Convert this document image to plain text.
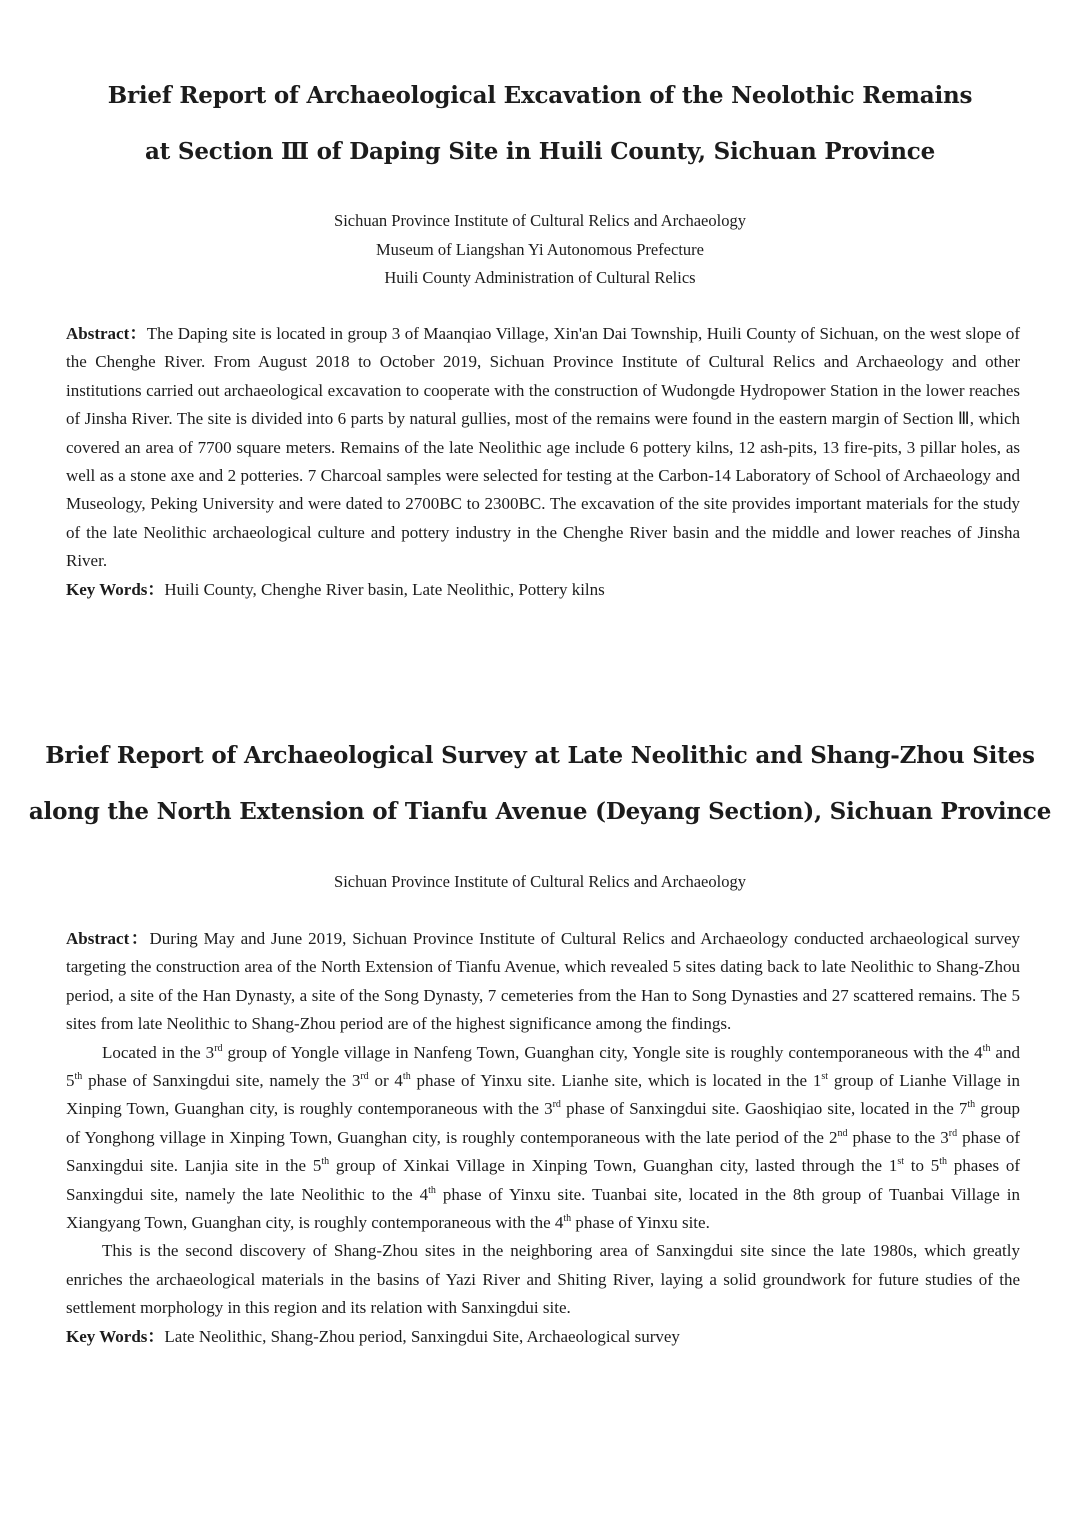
Brief Report of Archaeological Excavation of the Neolothic Remains
at Section Ⅲ of Daping Site in Huili County, Sichuan Province
Sichuan Province Institute of Cultural Relics and Archaeology
Museum of Liangshan Yi Autonomous Prefecture
Huili County Administration of Cultural Relics

Abstract：The Daping site is located in group 3 of Maanqiao Village, Xin'an Dai Township, Huili County of Sichuan, on the west slope of the Chenghe River. From August 2018 to October 2019, Sichuan Province Institute of Cultural Relics and Archaeology and other institutions carried out archaeological excavation to cooperate with the construction of Wudongde Hydropower Station in the lower reaches of Jinsha River. The site is divided into 6 parts by natural gullies, most of the remains were found in the eastern margin of Section Ⅲ, which covered an area of 7700 square meters. Remains of the late Neolithic age include 6 pottery kilns, 12 ash-pits, 13 fire-pits, 3 pillar holes, as well as a stone axe and 2 potteries. 7 Charcoal samples were selected for testing at the Carbon-14 Laboratory of School of Archaeology and Museology, Peking University and were dated to 2700BC to 2300BC. The excavation of the site provides important materials for the study of the late Neolithic archaeological culture and pottery industry in the Chenghe River basin and the middle and lower reaches of Jinsha River.

Key Words：Huili County, Chenghe River basin, Late Neolithic, Pottery kilns

Brief Report of Archaeological Survey at Late Neolithic and Shang-Zhou Sites
along the North Extension of Tianfu Avenue (Deyang Section), Sichuan Province
Sichuan Province Institute of Cultural Relics and Archaeology

Abstract：During May and June 2019, Sichuan Province Institute of Cultural Relics and Archaeology conducted archaeological survey targeting the construction area of the North Extension of Tianfu Avenue, which revealed 5 sites dating back to late Neolithic to Shang-Zhou period, a site of the Han Dynasty, a site of the Song Dynasty, 7 cemeteries from the Han to Song Dynasties and 27 scattered remains. The 5 sites from late Neolithic to Shang-Zhou period are of the highest significance among the findings.

Located in the 3rd group of Yongle village in Nanfeng Town, Guanghan city, Yongle site is roughly contemporaneous with the 4th and 5th phase of Sanxingdui site, namely the 3rd or 4th phase of Yinxu site. Lianhe site, which is located in the 1st group of Lianhe Village in Xinping Town, Guanghan city, is roughly contemporaneous with the 3rd phase of Sanxingdui site. Gaoshiqiao site, located in the 7th group of Yonghong village in Xinping Town, Guanghan city, is roughly contemporaneous with the late period of the 2nd phase to the 3rd phase of Sanxingdui site. Lanjia site in the 5th group of Xinkai Village in Xinping Town, Guanghan city, lasted through the 1st to 5th phases of Sanxingdui site, namely the late Neolithic to the 4th phase of Yinxu site. Tuanbai site, located in the 8th group of Tuanbai Village in Xiangyang Town, Guanghan city, is roughly contemporaneous with the 4th phase of Yinxu site.

This is the second discovery of Shang-Zhou sites in the neighboring area of Sanxingdui site since the late 1980s, which greatly enriches the archaeological materials in the basins of Yazi River and Shiting River, laying a solid groundwork for future studies of the settlement morphology in this region and its relation with Sanxingdui site.

Key Words：Late Neolithic, Shang-Zhou period, Sanxingdui Site, Archaeological survey
